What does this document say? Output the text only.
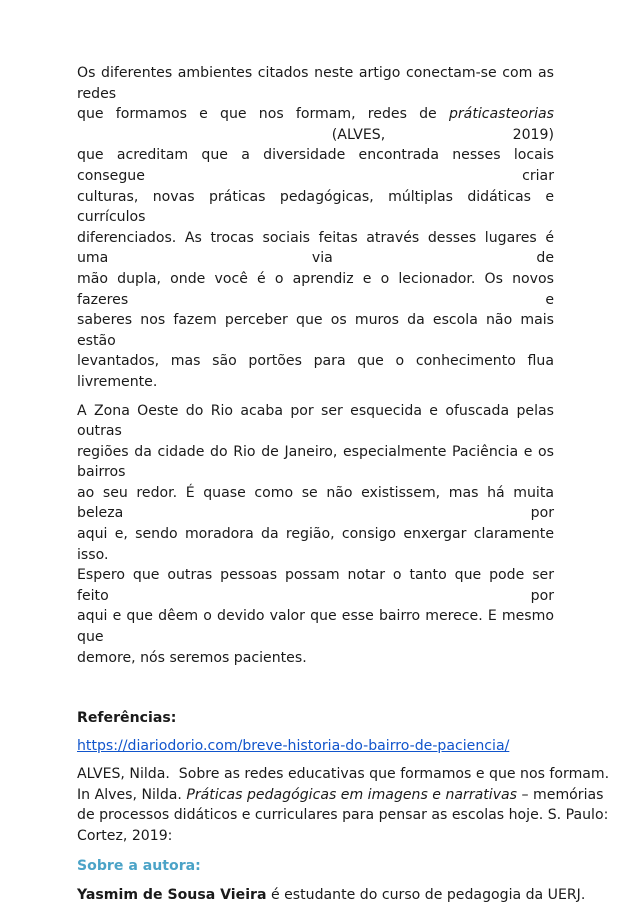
Os diferentes ambientes citados neste artigo conectam-se com as redes
que formamos e que nos formam, redes de práticasteorias  (ALVES, 2019)
que acreditam que a diversidade encontrada nesses locais consegue criar
culturas, novas práticas pedagógicas, múltiplas didáticas e currículos
diferenciados. As trocas sociais feitas através desses lugares é uma via de
mão dupla, onde você é o aprendiz e o lecionador. Os novos fazeres e
saberes nos fazem perceber que os muros da escola não mais estão
levantados, mas são portões para que o conhecimento flua livremente.

A Zona Oeste do Rio acaba por ser esquecida e ofuscada pelas outras
regiões da cidade do Rio de Janeiro, especialmente Paciência e os bairros
ao seu redor. É quase como se não existissem, mas há muita beleza por
aqui e, sendo moradora da região, consigo enxergar claramente isso.
Espero que outras pessoas possam notar o tanto que pode ser feito por
aqui e que dêem o devido valor que esse bairro merece. E mesmo que
demore, nós seremos pacientes.

Referências:
https://diariodorio.com/breve-historia-do-bairro-de-paciencia/
ALVES, Nilda.  Sobre as redes educativas que formamos e que nos formam.
In Alves, Nilda. Práticas pedagógicas em imagens e narrativas – memórias
de processos didáticos e curriculares para pensar as escolas hoje. S. Paulo:
Cortez, 2019:
Sobre a autora:
Yasmim de Sousa Vieira é estudante do curso de pedagogia da UERJ.
